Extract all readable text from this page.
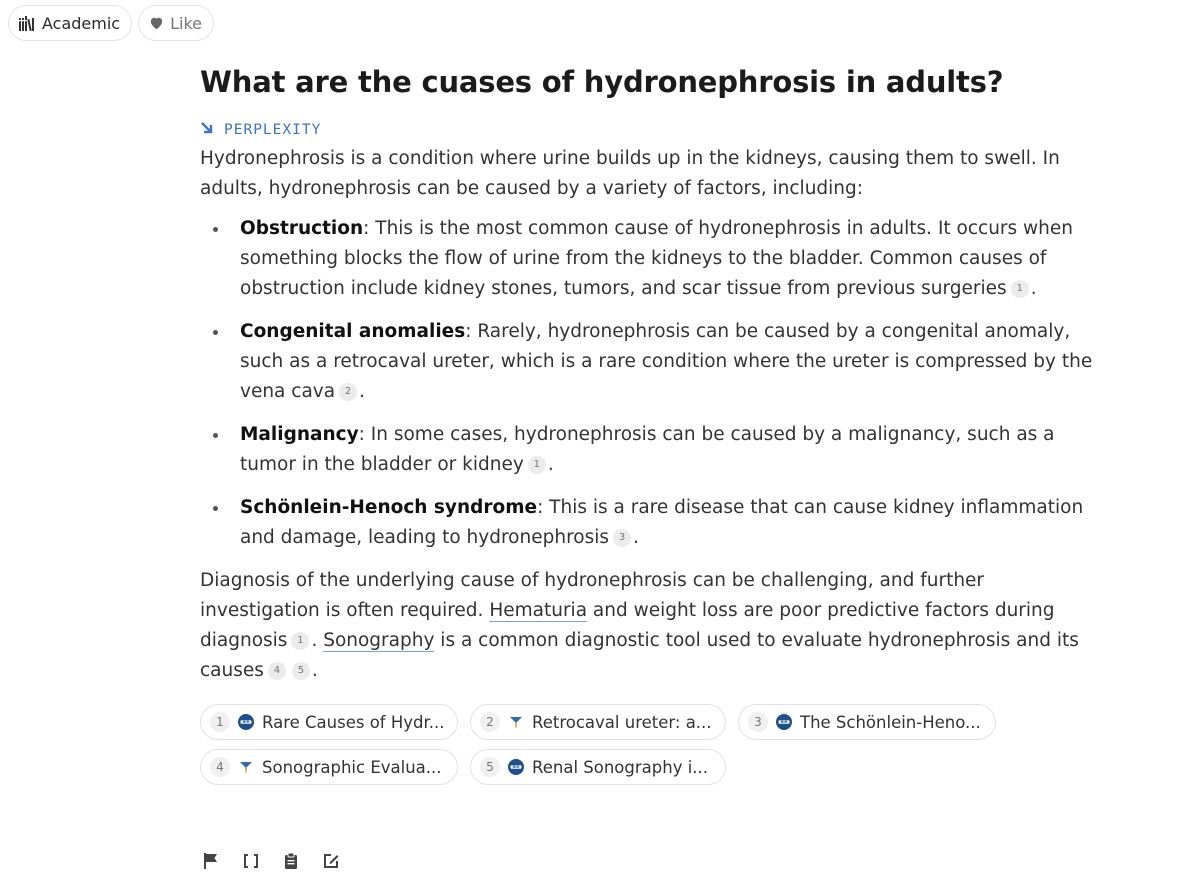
Academic	Like
What are the cuases of hydronephrosis in adults?
PERPLEXITY

Hydronephrosis is a condition where urine builds up in the kidneys, causing them to swell. In adults, hydronephrosis can be caused by a variety of factors, including:

Obstruction: This is the most common cause of hydronephrosis in adults. It occurs when something blocks the flow of urine from the kidneys to the bladder. Common causes of obstruction include kidney stones, tumors, and scar tissue from previous surgeries 1 .
Congenital anomalies: Rarely, hydronephrosis can be caused by a congenital anomaly, such as a retrocaval ureter, which is a rare condition where the ureter is compressed by the vena cava 2 .
Malignancy: In some cases, hydronephrosis can be caused by a malignancy, such as a tumor in the bladder or kidney 1 .
Schönlein-Henoch syndrome: This is a rare disease that can cause kidney inflammation and damage, leading to hydronephrosis 3 .

Diagnosis of the underlying cause of hydronephrosis can be challenging, and further investigation is often required. Hematuria and weight loss are poor predictive factors during diagnosis 1 . Sonography is a common diagnostic tool used to evaluate hydronephrosis and its causes 4 5 .

1	NIH Rare Causes of Hydr...	2	Retrocaval ureter: a...	3	NIH The Schönlein-Heno...
4	Sonographic Evalua...	5	NIH Renal Sonography i...
